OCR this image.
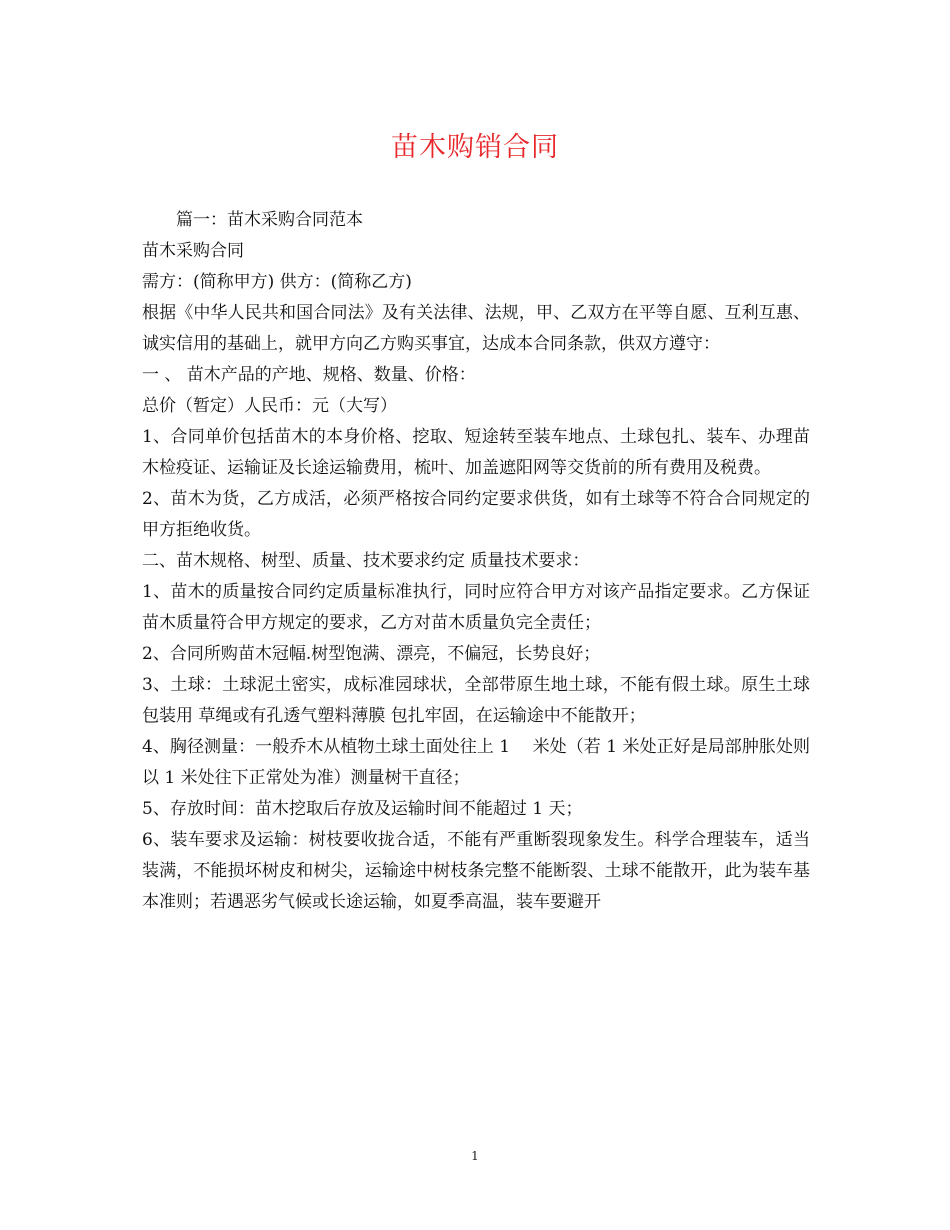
苗木购销合同

篇一：苗木采购合同范本

苗木采购合同

需方：(简称甲方) 供方：(简称乙方)

根据《中华人民共和国合同法》及有关法律、法规，甲、乙双方在平等自愿、互利互惠、诚实信用的基础上，就甲方向乙方购买事宜，达成本合同条款，供双方遵守：

一 、 苗木产品的产地、规格、数量、价格：

总价（暂定）人民币：元（大写）

1、合同单价包括苗木的本身价格、挖取、短途转至装车地点、土球包扎、装车、办理苗木检疫证、运输证及长途运输费用，梳叶、加盖遮阳网等交货前的所有费用及税费。

2、苗木为货，乙方成活，必须严格按合同约定要求供货，如有土球等不符合合同规定的甲方拒绝收货。

二、苗木规格、树型、质量、技术要求约定 质量技术要求：

1、苗木的质量按合同约定质量标准执行，同时应符合甲方对该产品指定要求。乙方保证苗木质量符合甲方规定的要求，乙方对苗木质量负完全责任；

2、合同所购苗木冠幅.树型饱满、漂亮，不偏冠，长势良好；

3、土球：土球泥土密实，成标准园球状，全部带原生地土球，不能有假土球。原生土球包装用 草绳或有孔透气塑料薄膜 包扎牢固，在运输途中不能散开；

4、胸径测量：一般乔木从植物土球土面处往上 1　 米处（若 1 米处正好是局部肿胀处则以 1 米处往下正常处为准）测量树干直径；

5、存放时间：苗木挖取后存放及运输时间不能超过 1 天；

6、装车要求及运输：树枝要收拢合适，不能有严重断裂现象发生。科学合理装车，适当装满，不能损坏树皮和树尖，运输途中树枝条完整不能断裂、土球不能散开，此为装车基本准则；若遇恶劣气候或长途运输，如夏季高温，装车要避开

1
